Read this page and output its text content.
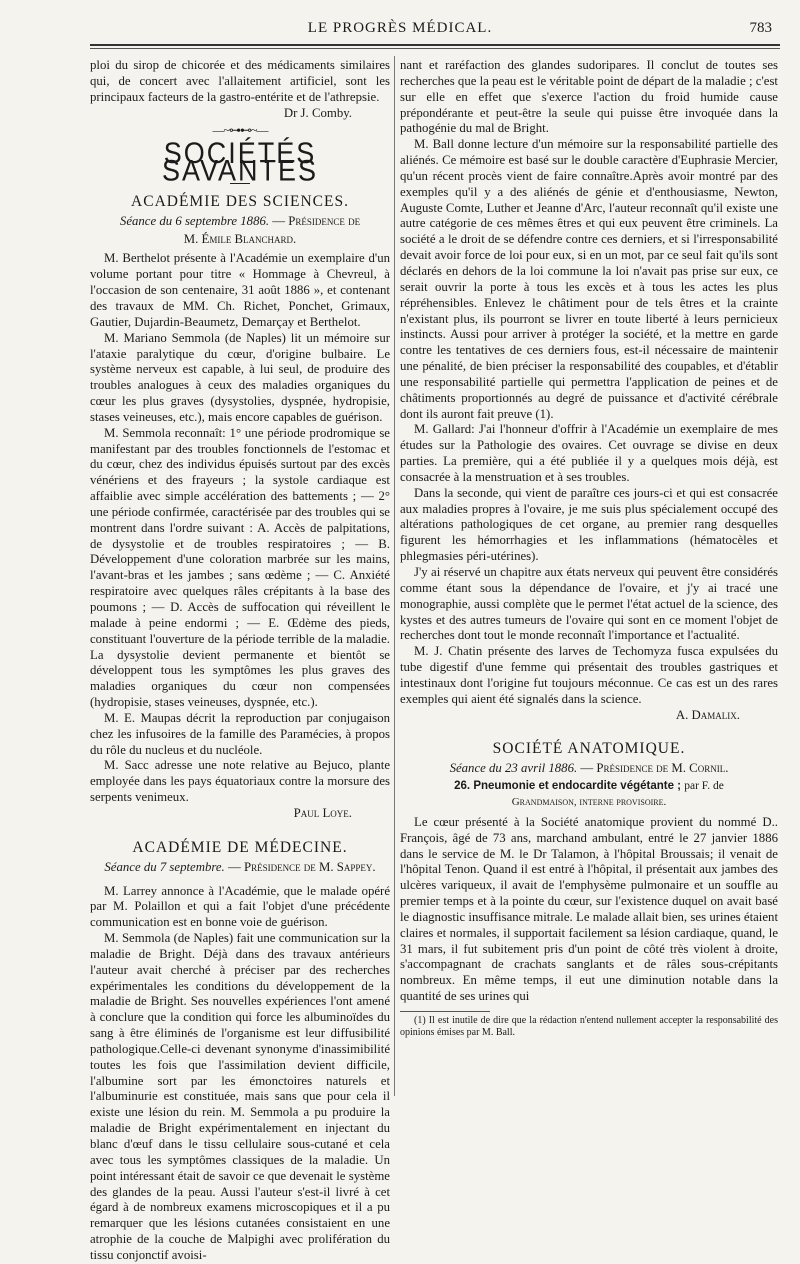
LE PROGRÈS MÉDICAL.	783

ploi du sirop de chicorée et des médicaments similaires qui, de concert avec l'allaitement artificiel, sont les principaux facteurs de la gastro-entérite et de l'athrepsie.

Dr J. Comby.
—~⊶⊷~—
SOCIÉTÉS SAVANTES
ACADÉMIE DES SCIENCES.
Séance du 6 septembre 1886. — Présidence de
M. Émile Blanchard.

M. Berthelot présente à l'Académie un exemplaire d'un volume portant pour titre « Hommage à Chevreul, à l'occasion de son centenaire, 31 août 1886 », et contenant des travaux de MM. Ch. Richet, Ponchet, Grimaux, Gautier, Dujardin-Beaumetz, Demarçay et Berthelot.

M. Mariano Semmola (de Naples) lit un mémoire sur l'ataxie paralytique du cœur, d'origine bulbaire. Le système nerveux est capable, à lui seul, de produire des troubles analogues à ceux des maladies organiques du cœur les plus graves (dysystolies, dyspnée, hydropisie, stases veineuses, etc.), mais encore capables de guérison.

M. Semmola reconnaît: 1° une période prodromique se manifestant par des troubles fonctionnels de l'estomac et du cœur, chez des individus épuisés surtout par des excès vénériens et des frayeurs ; la systole cardiaque est affaiblie avec simple accélération des battements ; — 2° une période confirmée, caractérisée par des troubles qui se montrent dans l'ordre suivant : A. Accès de palpitations, de dysystolie et de troubles respiratoires ; — B. Développement d'une coloration marbrée sur les mains, l'avant-bras et les jambes ; sans œdème ; — C. Anxiété respiratoire avec quelques râles crépitants à la base des poumons ; — D. Accès de suffocation qui réveillent le malade à peine endormi ; — E. Œdème des pieds, constituant l'ouverture de la période terrible de la maladie. La dysystolie devient permanente et bientôt se développent tous les symptômes les plus graves des maladies organiques du cœur non compensées (hydropisie, stases veineuses, dyspnée, etc.).

M. E. Maupas décrit la reproduction par conjugaison chez les infusoires de la famille des Paramécies, à propos du rôle du nucleus et du nucléole.

M. Sacc adresse une note relative au Bejuco, plante employée dans les pays équatoriaux contre la morsure des serpents venimeux.

Paul Loye.
ACADÉMIE DE MÉDECINE.
Séance du 7 septembre. — Présidence de M. Sappey.

M. Larrey annonce à l'Académie, que le malade opéré par M. Polaillon et qui a fait l'objet d'une précédente communication est en bonne voie de guérison.

M. Semmola (de Naples) fait une communication sur la maladie de Bright. Déjà dans des travaux antérieurs l'auteur avait cherché à préciser par des recherches expérimentales les conditions du développement de la maladie de Bright. Ses nouvelles expériences l'ont amené à conclure que la condition qui force les albuminoïdes du sang à être éliminés de l'organisme est leur diffusibilité pathologique.Celle-ci devenant synonyme d'inassimibilité toutes les fois que l'assimilation devient difficile, l'albumine sort par les émonctoires naturels et l'albuminurie est constituée, mais sans que pour cela il existe une lésion du rein. M. Semmola a pu produire la maladie de Bright expérimentalement en injectant du blanc d'œuf dans le tissu cellulaire sous-cutané et cela avec tous les symptômes classiques de la maladie. Un point intéressant était de savoir ce que devenait le système des glandes de la peau. Aussi l'auteur s'est-il livré à cet égard à de nombreux examens microscopiques et il a pu remarquer que les lésions cutanées consistaient en une atrophie de la couche de Malpighi avec prolifération du tissu conjonctif avoisi-

nant et raréfaction des glandes sudoripares. Il conclut de toutes ses recherches que la peau est le véritable point de départ de la maladie ; c'est sur elle en effet que s'exerce l'action du froid humide cause prépondérante et peut-être la seule qui puisse être invoquée dans la pathogénie du mal de Bright.

M. Ball donne lecture d'un mémoire sur la responsabilité partielle des aliénés. Ce mémoire est basé sur le double caractère d'Euphrasie Mercier, qu'un récent procès vient de faire connaître.Après avoir montré par des exemples qu'il y a des aliénés de génie et d'enthousiasme, Newton, Auguste Comte, Luther et Jeanne d'Arc, l'auteur reconnaît qu'il existe une autre catégorie de ces mêmes êtres et qui eux peuvent être criminels. La société a le droit de se défendre contre ces derniers, et si l'irresponsabilité devait avoir force de loi pour eux, si en un mot, par ce seul fait qu'ils sont déclarés en dehors de la loi commune la loi n'avait pas prise sur eux, ce serait ouvrir la porte à tous les excès et à tous les actes les plus répréhensibles. Enlevez le châtiment pour de tels êtres et la crainte n'existant plus, ils pourront se livrer en toute liberté à leurs pernicieux instincts. Aussi pour arriver à protéger la société, et la mettre en garde contre les tentatives de ces derniers fous, est-il nécessaire de maintenir une pénalité, de bien préciser la responsabilité des coupables, et d'établir une responsabilité partielle qui permettra l'application de peines et de châtiments proportionnés au degré de puissance et d'activité cérébrale dont ils auront fait preuve (1).

M. Gallard: J'ai l'honneur d'offrir à l'Académie un exemplaire de mes études sur la Pathologie des ovaires. Cet ouvrage se divise en deux parties. La première, qui a été publiée il y a quelques mois déjà, est consacrée à la menstruation et à ses troubles.

Dans la seconde, qui vient de paraître ces jours-ci et qui est consacrée aux maladies propres à l'ovaire, je me suis plus spécialement occupé des altérations pathologiques de cet organe, au premier rang desquelles figurent les hémorrhagies et les inflammations (hématocèles et phlegmasies péri-utérines).

J'y ai réservé un chapitre aux états nerveux qui peuvent être considérés comme étant sous la dépendance de l'ovaire, et j'y ai tracé une monographie, aussi complète que le permet l'état actuel de la science, des kystes et des autres tumeurs de l'ovaire qui sont en ce moment l'objet de recherches dont tout le monde reconnaît l'importance et l'actualité.

M. J. Chatin présente des larves de Techomyza fusca expulsées du tube digestif d'une femme qui présentait des troubles gastriques et intestinaux dont l'origine fut toujours méconnue. Ce cas est un des rares exemples qui aient été signalés dans la science.

A. Damalix.
SOCIÉTÉ ANATOMIQUE.
Séance du 23 avril 1886. — Présidence de M. Cornil.
26. Pneumonie et endocardite végétante ; par F. de
Grandmaison, interne provisoire.

Le cœur présenté à la Société anatomique provient du nommé D.. François, âgé de 73 ans, marchand ambulant, entré le 27 janvier 1886 dans le service de M. le Dr Talamon, à l'hôpital Broussais; il venait de l'hôpital Tenon. Quand il est entré à l'hôpital, il présentait aux jambes des ulcères variqueux, il avait de l'emphysème pulmonaire et un souffle au premier temps et à la pointe du cœur, sur l'existence duquel on avait basé le diagnostic insuffisance mitrale. Le malade allait bien, ses urines étaient claires et normales, il supportait facilement sa lésion cardiaque, quand, le 31 mars, il fut subitement pris d'un point de côté très violent à droite, s'accompagnant de crachats sanglants et de râles sous-crépitants nombreux. En même temps, il eut une diminution notable dans la quantité de ses urines qui

(1) Il est inutile de dire que la rédaction n'entend nullement accepter la responsabilité des opinions émises par M. Ball.
